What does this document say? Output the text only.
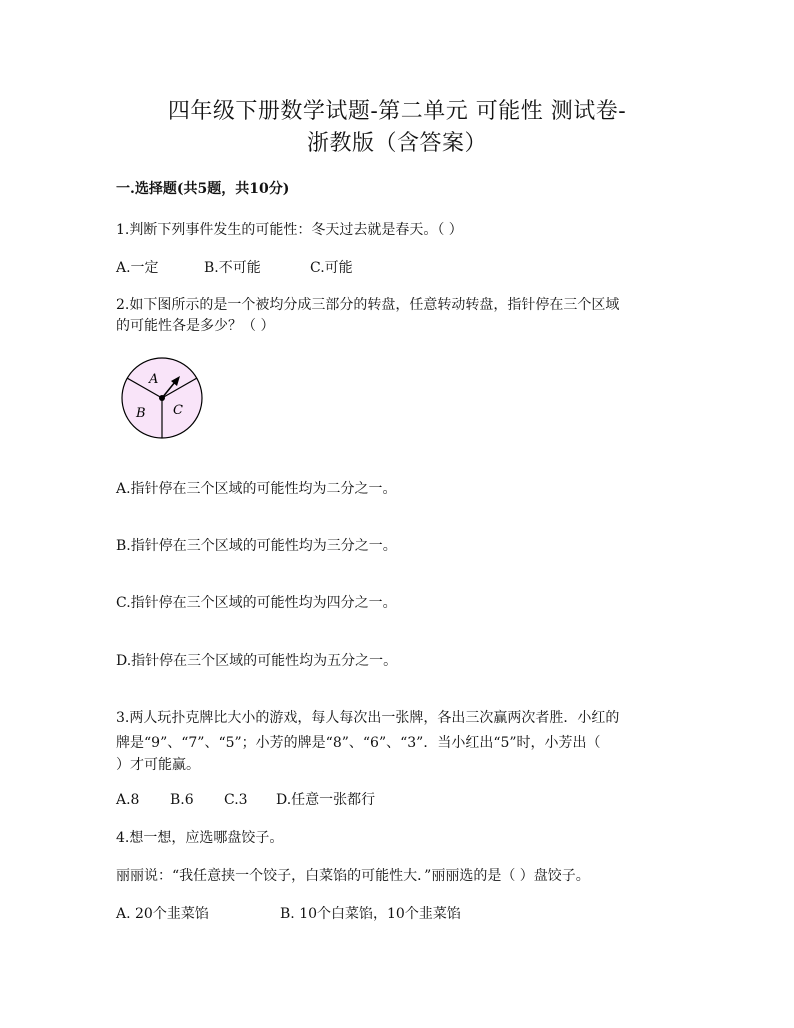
四年级下册数学试题-第二单元 可能性 测试卷-
浙教版（含答案）
一.选择题(共5题，共10分)
1.判断下列事件发生的可能性：冬天过去就是春天。（ ）
A.一定	B.不可能	C.可能
2.如下图所示的是一个被均分成三部分的转盘，任意转动转盘，指针停在三个区域
的可能性各是多少？（ ）
A
B C
A.指针停在三个区域的可能性均为二分之一。
B.指针停在三个区域的可能性均为三分之一。
C.指针停在三个区域的可能性均为四分之一。
D.指针停在三个区域的可能性均为五分之一。
3.两人玩扑克牌比大小的游戏，每人每次出一张牌，各出三次赢两次者胜．小红的
牌是“9”、“7”、“5”；小芳的牌是“8”、“6”、“3”．当小红出“5”时，小芳出（
）才可能赢。
A.8 B.6 C.3 D.任意一张都行
4.想一想，应选哪盘饺子。
丽丽说：“我任意挟一个饺子，白菜馅的可能性大．”丽丽选的是（ ）盘饺子。
A. 20个韭菜馅	B. 10个白菜馅，10个韭菜馅
